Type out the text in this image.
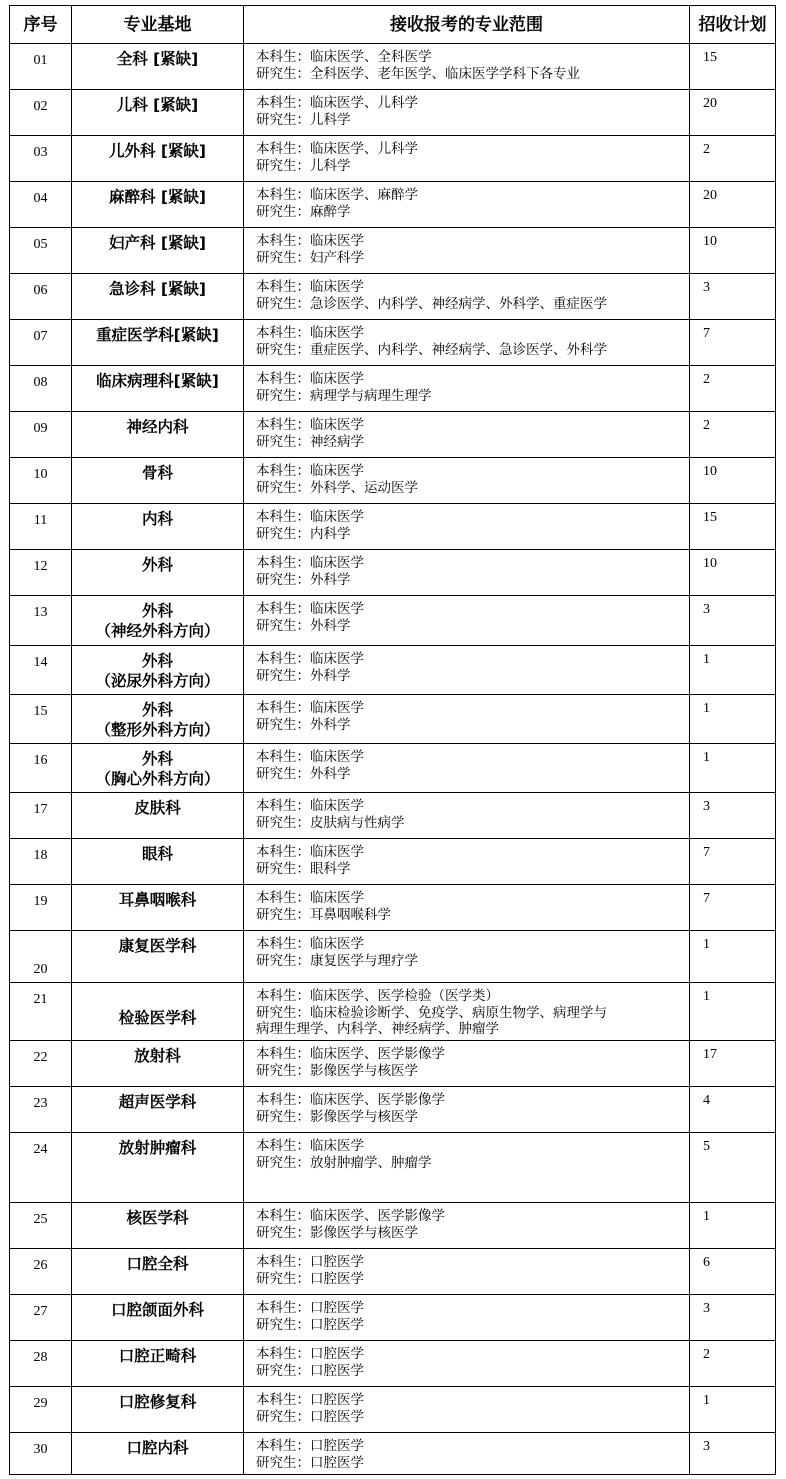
序号	专业基地	接收报考的专业范围	招收计划
01	全科 [紧缺]	本科生：临床医学、全科医学
研究生：全科医学、老年医学、临床医学学科下各专业	15
02	儿科 [紧缺]	本科生：临床医学、儿科学
研究生：儿科学	20
03	儿外科 [紧缺]	本科生：临床医学、儿科学
研究生：儿科学	2
04	麻醉科 [紧缺]	本科生：临床医学、麻醉学
研究生：麻醉学	20
05	妇产科 [紧缺]	本科生：临床医学
研究生：妇产科学	10
06	急诊科 [紧缺]	本科生：临床医学
研究生：急诊医学、内科学、神经病学、外科学、重症医学	3
07	重症医学科[紧缺]	本科生：临床医学
研究生：重症医学、内科学、神经病学、急诊医学、外科学	7
08	临床病理科[紧缺]	本科生：临床医学
研究生：病理学与病理生理学	2
09	神经内科	本科生：临床医学
研究生：神经病学	2
10	骨科	本科生：临床医学
研究生：外科学、运动医学	10
11	内科	本科生：临床医学
研究生：内科学	15
12	外科	本科生：临床医学
研究生：外科学	10
13	外科
（神经外科方向）	本科生：临床医学
研究生：外科学	3
14	外科
（泌尿外科方向）	本科生：临床医学
研究生：外科学	1
15	外科
（整形外科方向）	本科生：临床医学
研究生：外科学	1
16	外科
（胸心外科方向）	本科生：临床医学
研究生：外科学	1
17	皮肤科	本科生：临床医学
研究生：皮肤病与性病学	3
18	眼科	本科生：临床医学
研究生：眼科学	7
19	耳鼻咽喉科	本科生：临床医学
研究生：耳鼻咽喉科学	7
20	康复医学科	本科生：临床医学
研究生：康复医学与理疗学	1
21	检验医学科	本科生：临床医学、医学检验（医学类）
研究生：临床检验诊断学、免疫学、病原生物学、病理学与
病理生理学、内科学、神经病学、肿瘤学	1
22	放射科	本科生：临床医学、医学影像学
研究生：影像医学与核医学	17
23	超声医学科	本科生：临床医学、医学影像学
研究生：影像医学与核医学	4
24	放射肿瘤科	本科生：临床医学
研究生：放射肿瘤学、肿瘤学	5
25	核医学科	本科生：临床医学、医学影像学
研究生：影像医学与核医学	1
26	口腔全科	本科生：口腔医学
研究生：口腔医学	6
27	口腔颌面外科	本科生：口腔医学
研究生：口腔医学	3
28	口腔正畸科	本科生：口腔医学
研究生：口腔医学	2
29	口腔修复科	本科生：口腔医学
研究生：口腔医学	1
30	口腔内科	本科生：口腔医学
研究生：口腔医学	3
